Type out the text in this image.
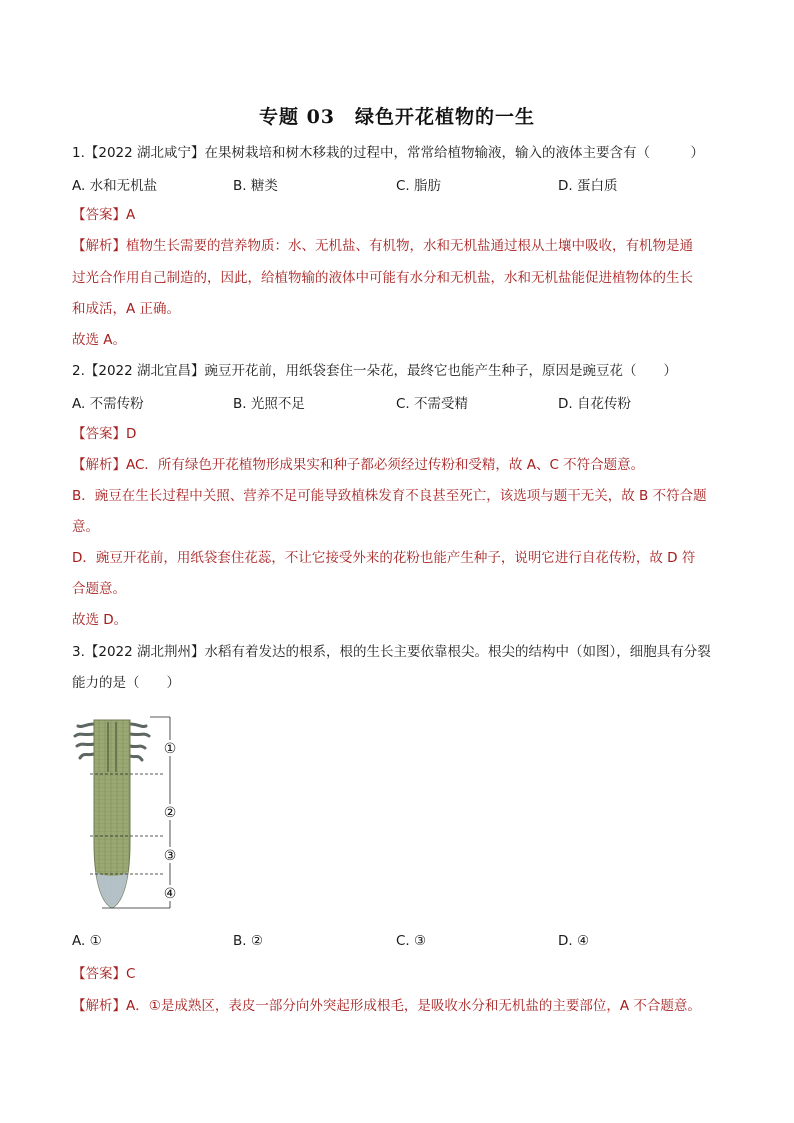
专题 03　绿色开花植物的一生
1.【2022 湖北咸宁】在果树栽培和树木移栽的过程中，常常给植物输液，输入的液体主要含有（　　　）
A. 水和无机盐	B. 糖类	C. 脂肪	D. 蛋白质
【答案】A
【解析】植物生长需要的营养物质：水、无机盐、有机物，水和无机盐通过根从土壤中吸收，有机物是通
过光合作用自己制造的，因此，给植物输的液体中可能有水分和无机盐，水和无机盐能促进植物体的生长
和成活，A 正确。
故选 A。
2.【2022 湖北宜昌】豌豆开花前，用纸袋套住一朵花，最终它也能产生种子，原因是豌豆花（　　）
A. 不需传粉	B. 光照不足	C. 不需受精	D. 自花传粉
【答案】D
【解析】AC．所有绿色开花植物形成果实和种子都必须经过传粉和受精，故 A、C 不符合题意。
B．豌豆在生长过程中关照、营养不足可能导致植株发育不良甚至死亡，该选项与题干无关，故 B 不符合题
意。
D．豌豆开花前，用纸袋套住花蕊，不让它接受外来的花粉也能产生种子，说明它进行自花传粉，故 D 符
合题意。
故选 D。
3.【2022 湖北荆州】水稻有着发达的根系，根的生长主要依靠根尖。根尖的结构中（如图），细胞具有分裂
能力的是（　　）
①
②
③
④
A. ①	B. ②	C. ③	D. ④
【答案】C
【解析】A．①是成熟区，表皮一部分向外突起形成根毛，是吸收水分和无机盐的主要部位，A 不合题意。
